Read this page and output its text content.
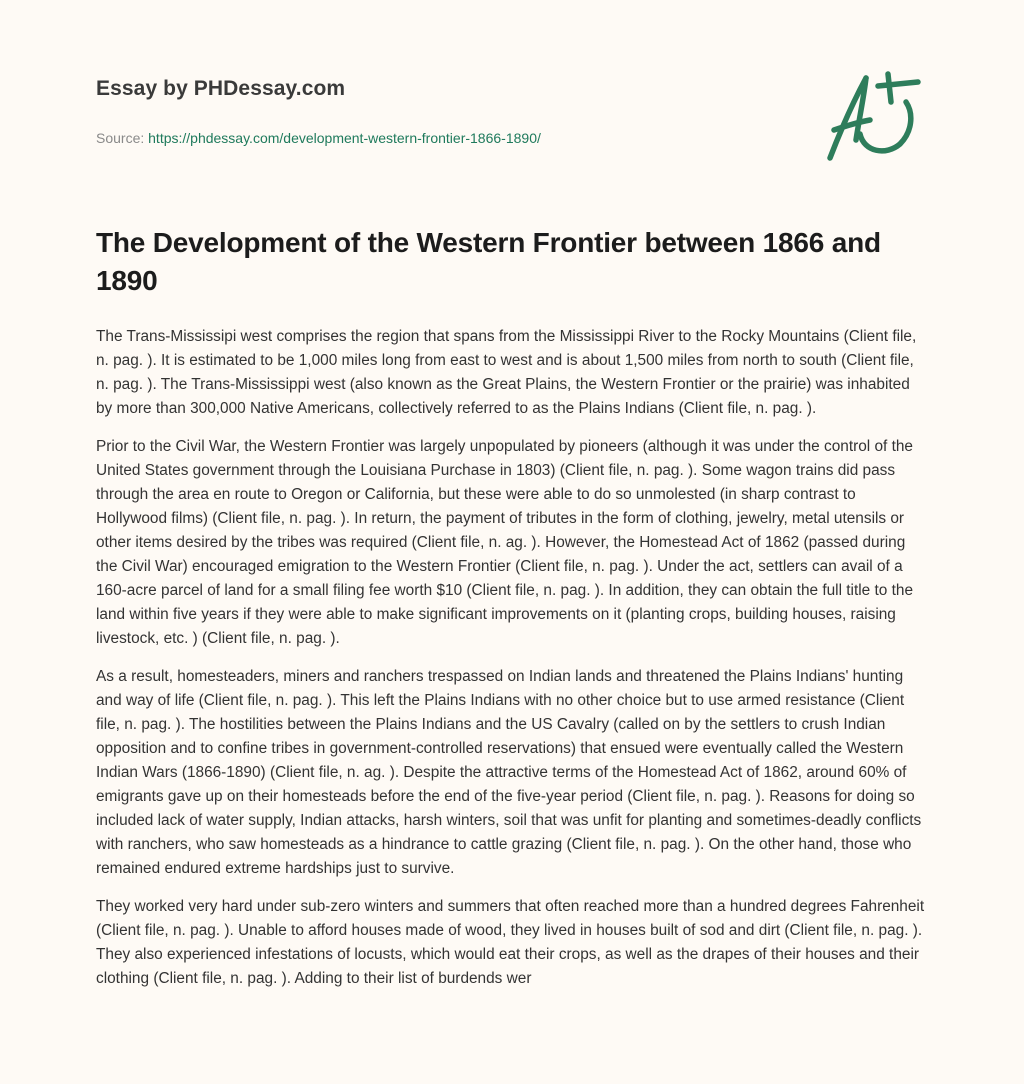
Essay by PHDessay.com
Source: https://phdessay.com/development-western-frontier-1866-1890/
The Development of the Western Frontier between 1866 and 1890

The Trans-Mississipi west comprises the region that spans from the Mississippi River to the Rocky Mountains (Client file, n. pag. ). It is estimated to be 1,000 miles long from east to west and is about 1,500 miles from north to south (Client file, n. pag. ). The Trans-Mississippi west (also known as the Great Plains, the Western Frontier or the prairie) was inhabited by more than 300,000 Native Americans, collectively referred to as the Plains Indians (Client file, n. pag. ).

Prior to the Civil War, the Western Frontier was largely unpopulated by pioneers (although it was under the control of the United States government through the Louisiana Purchase in 1803) (Client file, n. pag. ). Some wagon trains did pass through the area en route to Oregon or California, but these were able to do so unmolested (in sharp contrast to Hollywood films) (Client file, n. pag. ). In return, the payment of tributes in the form of clothing, jewelry, metal utensils or other items desired by the tribes was required (Client file, n. ag. ). However, the Homestead Act of 1862 (passed during the Civil War) encouraged emigration to the Western Frontier (Client file, n. pag. ). Under the act, settlers can avail of a 160-acre parcel of land for a small filing fee worth $10 (Client file, n. pag. ). In addition, they can obtain the full title to the land within five years if they were able to make significant improvements on it (planting crops, building houses, raising livestock, etc. ) (Client file, n. pag. ).

As a result, homesteaders, miners and ranchers trespassed on Indian lands and threatened the Plains Indians' hunting and way of life (Client file, n. pag. ). This left the Plains Indians with no other choice but to use armed resistance (Client file, n. pag. ). The hostilities between the Plains Indians and the US Cavalry (called on by the settlers to crush Indian opposition and to confine tribes in government-controlled reservations) that ensued were eventually called the Western Indian Wars (1866-1890) (Client file, n. ag. ). Despite the attractive terms of the Homestead Act of 1862, around 60% of emigrants gave up on their homesteads before the end of the five-year period (Client file, n. pag. ). Reasons for doing so included lack of water supply, Indian attacks, harsh winters, soil that was unfit for planting and sometimes-deadly conflicts with ranchers, who saw homesteads as a hindrance to cattle grazing (Client file, n. pag. ). On the other hand, those who remained endured extreme hardships just to survive.

They worked very hard under sub-zero winters and summers that often reached more than a hundred degrees Fahrenheit (Client file, n. pag. ). Unable to afford houses made of wood, they lived in houses built of sod and dirt (Client file, n. pag. ). They also experienced infestations of locusts, which would eat their crops, as well as the drapes of their houses and their clothing (Client file, n. pag. ). Adding to their list of burdends wer
